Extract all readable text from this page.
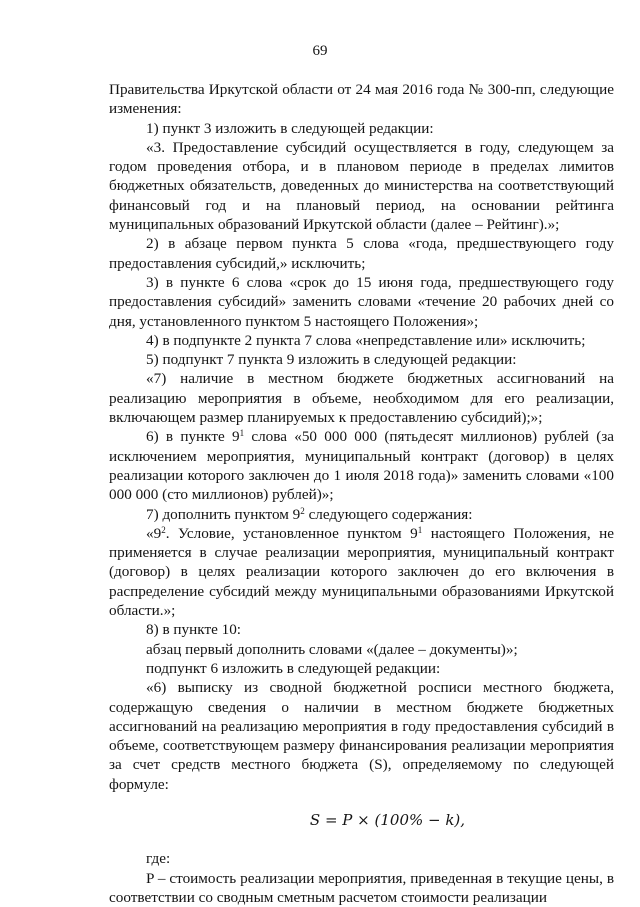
69

Правительства Иркутской области от 24 мая 2016 года № 300-пп, следующие изменения:

1) пункт 3 изложить в следующей редакции:

«3. Предоставление субсидий осуществляется в году, следующем за годом проведения отбора, и в плановом периоде в пределах лимитов бюджетных обязательств, доведенных до министерства на соответствующий финансовый год и на плановый период, на основании рейтинга муниципальных образований Иркутской области (далее – Рейтинг).»;

2) в абзаце первом пункта 5 слова «года, предшествующего году предоставления субсидий,» исключить;

3) в пункте 6 слова «срок до 15 июня года, предшествующего году предоставления субсидий» заменить словами «течение 20 рабочих дней со дня, установленного пунктом 5 настоящего Положения»;

4) в подпункте 2 пункта 7 слова «непредставление или» исключить;

5) подпункт 7 пункта 9 изложить в следующей редакции:

«7) наличие в местном бюджете бюджетных ассигнований на реализацию мероприятия в объеме, необходимом для его реализации, включающем размер планируемых к предоставлению субсидий);»;

6) в пункте $9^1$ слова «50 000 000 (пятьдесят миллионов) рублей (за исключением мероприятия, муниципальный контракт (договор) в целях реализации которого заключен до 1 июля 2018 года)» заменить словами «100 000 000 (сто миллионов) рублей)»;

7) дополнить пунктом $9^2$ следующего содержания:

«$9^2$. Условие, установленное пунктом $9^1$ настоящего Положения, не применяется в случае реализации мероприятия, муниципальный контракт (договор) в целях реализации которого заключен до его включения в распределение субсидий между муниципальными образованиями Иркутской области.»;

8) в пункте 10:

абзац первый дополнить словами «(далее – документы)»;

подпункт 6 изложить в следующей редакции:

«6) выписку из сводной бюджетной росписи местного бюджета, содержащую сведения о наличии в местном бюджете бюджетных ассигнований на реализацию мероприятия в году предоставления субсидий в объеме, соответствующем размеру финансирования реализации мероприятия за счет средств местного бюджета (S), определяемому по следующей формуле:

S = P × (100% − k),

где:

P – стоимость реализации мероприятия, приведенная в текущие цены, в соответствии со сводным сметным расчетом стоимости реализации
